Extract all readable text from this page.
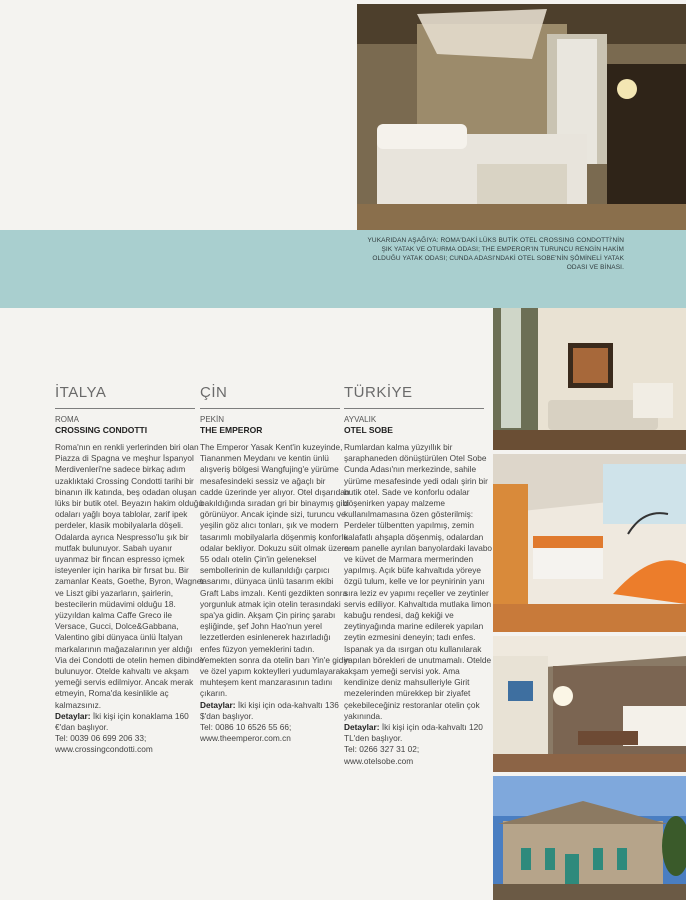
YUKARIDAN AŞAĞIYA: ROMA'DAKİ LÜKS BUTİK OTEL CROSSING CONDOTTİ'NİN ŞIK YATAK VE OTURMA ODASI; THE EMPEROR'IN TURUNCU RENGİN HAKİM OLDUĞU YATAK ODASI; CUNDA ADASI'NDAKİ OTEL SOBE'NİN ŞÖMİNELİ YATAK ODASI VE BİNASI.
İTALYA
ROMA
CROSSING CONDOTTI

Roma'nın en renkli yerlerinden biri olan Piazza di Spagna ve meşhur İspanyol Merdivenleri'ne sadece birkaç adım uzaklıktaki Crossing Condotti tarihi bir binanın ilk katında, beş odadan oluşan lüks bir butik otel. Beyazın hakim olduğu odaları yağlı boya tablolar, zarif ipek perdeler, klasik mobilyalarla döşeli. Odalarda ayrıca Nespresso'lu şık bir mutfak bulunuyor. Sabah uyanır uyanmaz bir fincan espresso içmek isteyenler için harika bir fırsat bu. Bir zamanlar Keats, Goethe, Byron, Wagner ve Liszt gibi yazarların, şairlerin, bestecilerin müdavimi olduğu 18. yüzyıldan kalma Caffe Greco ile Versace, Gucci, Dolce&Gabbana, Valentino gibi dünyaca ünlü İtalyan markalarının mağazalarının yer aldığı Via dei Condotti de otelin hemen dibinde bulunuyor. Otelde kahvaltı ve akşam yemeği servis edilmiyor. Ancak merak etmeyin, Roma'da kesinlikle aç kalmazsınız.

Detaylar: İki kişi için konaklama 160 €'dan başlıyor.

Tel: 0039 06 699 206 33;

www.crossingcondotti.com

ÇİN
PEKİN
THE EMPEROR

The Emperor Yasak Kent'in kuzeyinde, Tiananmen Meydanı ve kentin ünlü alışveriş bölgesi Wangfujing'e yürüme mesafesindeki sessiz ve ağaçlı bir cadde üzerinde yer alıyor. Otel dışarıdan bakıldığında sıradan gri bir binaymış gibi görünüyor. Ancak içinde sizi, turuncu ve yeşilin göz alıcı tonları, şık ve modern tasarımlı mobilyalarla döşenmiş konforlu odalar bekliyor. Dokuzu süit olmak üzere 55 odalı otelin Çin'in geleneksel sembollerinin de kullanıldığı çarpıcı tasarımı, dünyaca ünlü tasarım ekibi Graft Labs imzalı. Kenti gezdikten sonra yorgunluk atmak için otelin terasındaki spa'ya gidin. Akşam Çin pirinç şarabı eşliğinde, şef John Hao'nun yerel lezzetlerden esinlenerek hazırladığı enfes füzyon yemeklerini tadın. Yemekten sonra da otelin barı Yin'e gidin ve özel yapım kokteylleri yudumlayarak muhteşem kent manzarasının tadını çıkarın.

Detaylar: İki kişi için oda-kahvaltı 136 $'dan başlıyor.

Tel: 0086 10 6526 55 66;

www.theemperor.com.cn

TÜRKİYE
AYVALIK
OTEL SOBE

Rumlardan kalma yüzyıllık bir şaraphaneden dönüştürülen Otel Sobe Cunda Adası'nın merkezinde, sahile yürüme mesafesinde yedi odalı şirin bir butik otel. Sade ve konforlu odalar döşenirken yapay malzeme kullanılmamasına özen gösterilmiş: Perdeler tülbentten yapılmış, zemin kalafatlı ahşapla döşenmiş, odalardan cam panelle ayrılan banyolardaki lavabo ve küvet de Marmara mermerinden yapılmış. Açık büfe kahvaltıda yöreye özgü tulum, kelle ve lor peynirinin yanı sıra leziz ev yapımı reçeller ve zeytinler servis ediliyor. Kahvaltıda mutlaka limon kabuğu rendesi, dağ kekiği ve zeytinyağında marine edilerek yapılan zeytin ezmesini deneyin; tadı enfes. Ispanak ya da ısırgan otu kullanılarak yapılan börekleri de unutmamalı. Otelde akşam yemeği servisi yok. Ama kendinize deniz mahsulleriyle Girit mezelerinden mürekkep bir ziyafet çekebileceğiniz restoranlar otelin çok yakınında.

Detaylar: İki kişi için oda-kahvaltı 120 TL'den başlıyor.

Tel: 0266 327 31 02;

www.otelsobe.com
